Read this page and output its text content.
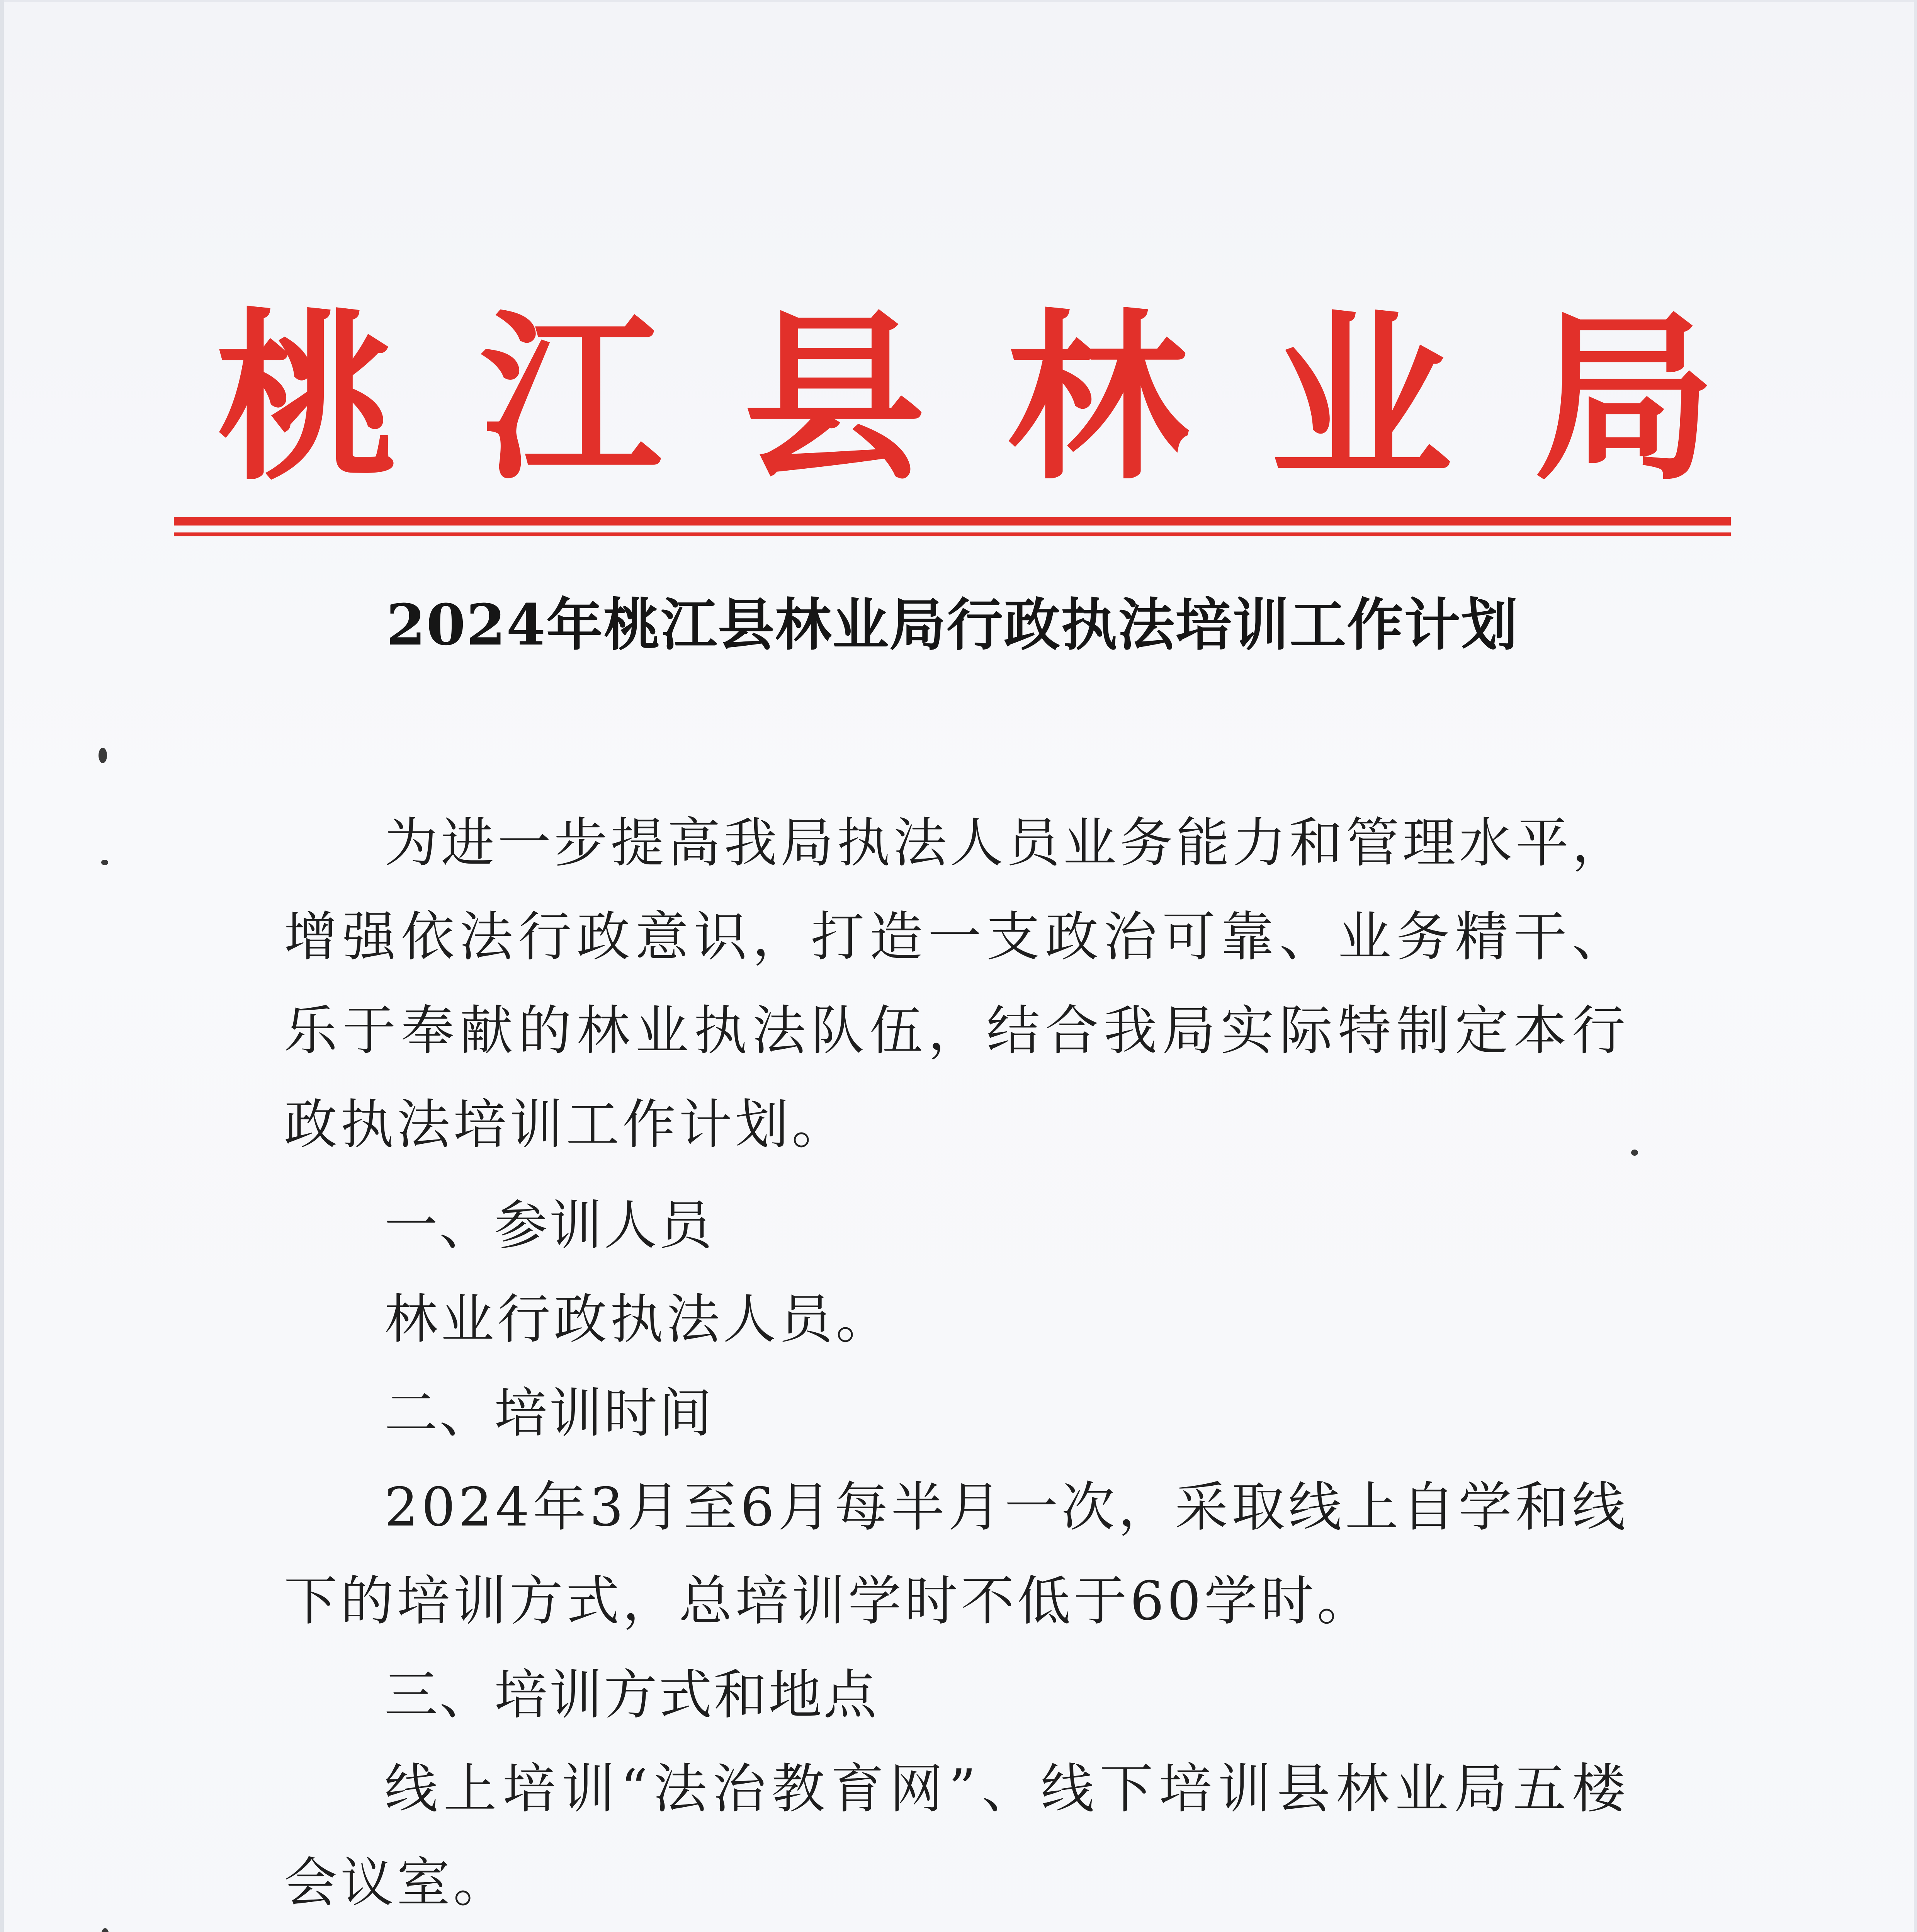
桃 江 县 林 业 局
2024年桃江县林业局行政执法培训工作计划

为进一步提高我局执法人员业务能力和管理水平，增强依法行政意识，打造一支政治可靠、业务精干、乐于奉献的林业执法队伍，结合我局实际特制定本行政执法培训工作计划。

一、参训人员

林业行政执法人员。

二、培训时间

2024年3月至6月每半月一次，采取线上自学和线下的培训方式，总培训学时不低于60学时。

三、培训方式和地点

线上培训“法治教育网”、线下培训县林业局五楼会议室。
